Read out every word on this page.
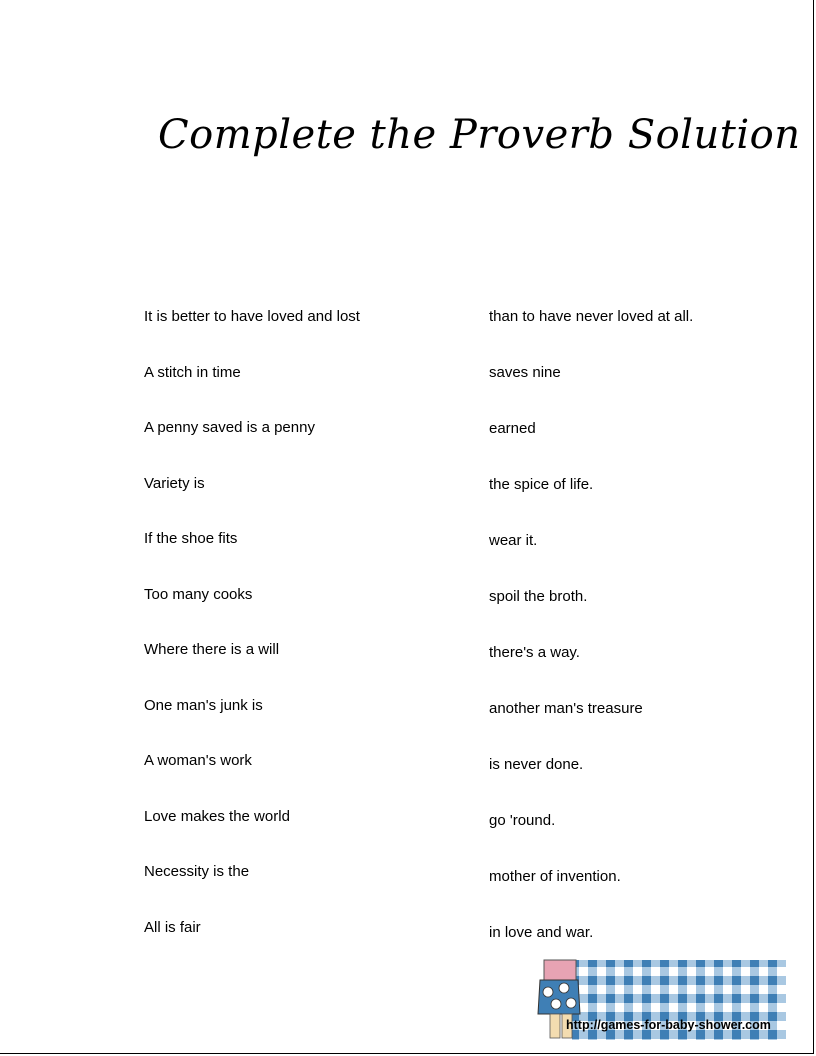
Complete the Proverb Solution
It is better to have loved and lost
A stitch in time
A penny saved is a penny
Variety is
If the shoe fits
Too many cooks
Where there is a will
One man's junk is
A woman's work
Love makes the world
Necessity is the
All is fair
than to have never loved at all.
saves nine
earned
the spice of life.
wear it.
spoil the broth.
there's a way.
another man's treasure
is never done.
go 'round.
mother of invention.
in love and war.
http://games-for-baby-shower.com
